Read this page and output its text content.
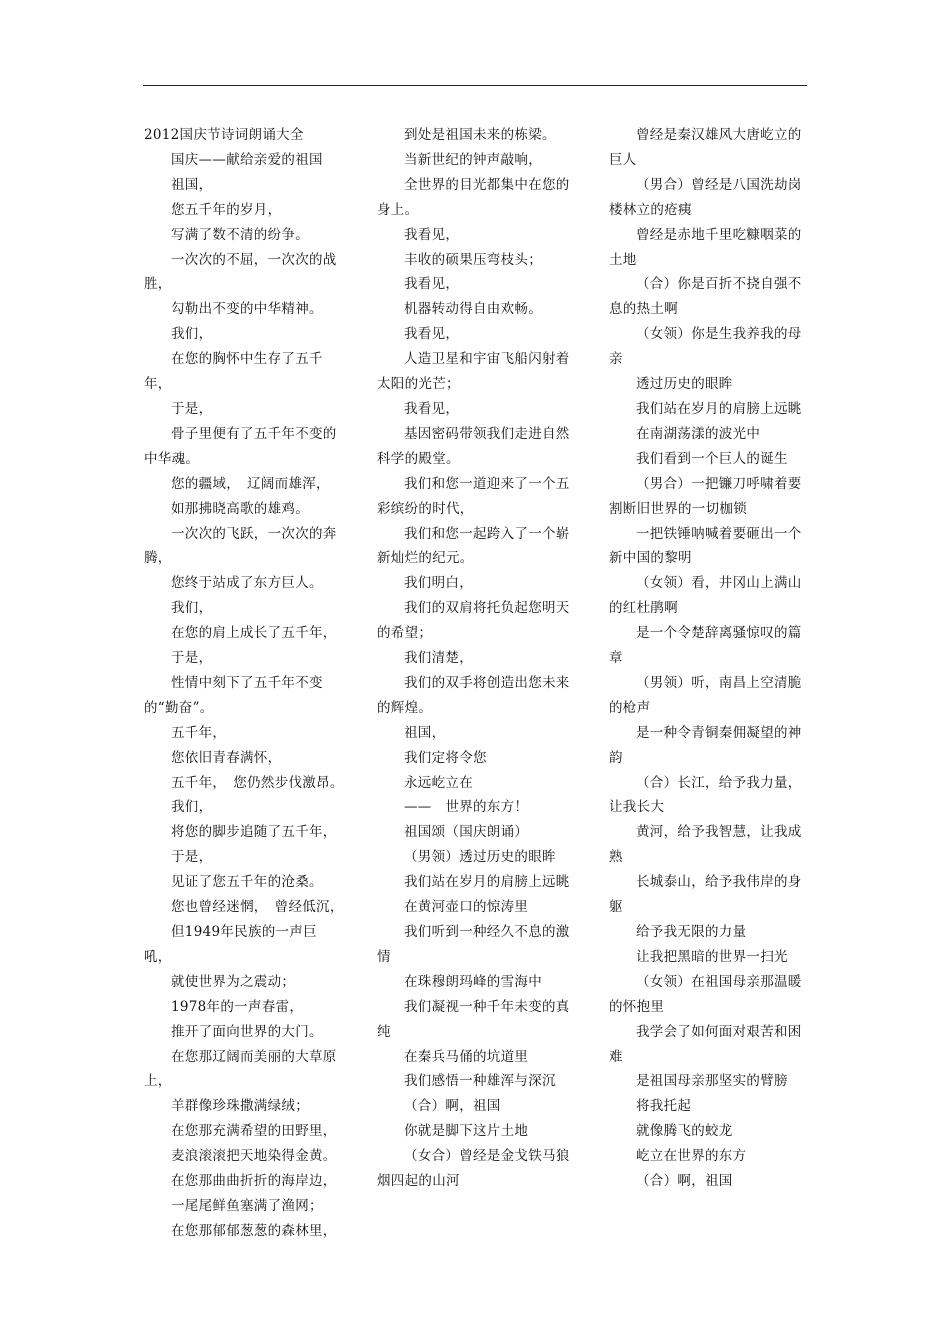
2012国庆节诗词朗诵大全

国庆——献给亲爱的祖国

祖国，

您五千年的岁月，

写满了数不清的纷争。

一次次的不屈，一次次的战胜，

勾勒出不变的中华精神。

我们，

在您的胸怀中生存了五千年，

于是，

骨子里便有了五千年不变的中华魂。

您的疆域，　辽阔而雄浑，

如那拂晓高歌的雄鸡。

一次次的飞跃，一次次的奔腾，

您终于站成了东方巨人。

我们，

在您的肩上成长了五千年，

于是，

性情中刻下了五千年不变的“勤奋”。

五千年，

您依旧青春满怀，

五千年，　您仍然步伐激昂。

我们，

将您的脚步追随了五千年，

于是，

见证了您五千年的沧桑。

您也曾经迷惘，　曾经低沉，

但1949年民族的一声巨吼，

就使世界为之震动；

1978年的一声春雷，

推开了面向世界的大门。

在您那辽阔而美丽的大草原上，

羊群像珍珠撒满绿绒；

在您那充满希望的田野里，

麦浪滚滚把天地染得金黄。

在您那曲曲折折的海岸边，

一尾尾鲜鱼塞满了渔网；

在您那郁郁葱葱的森林里，

到处是祖国未来的栋梁。

当新世纪的钟声敲响，

全世界的目光都集中在您的身上。

我看见，

丰收的硕果压弯枝头；

我看见，

机器转动得自由欢畅。

我看见，

人造卫星和宇宙飞船闪射着太阳的光芒；

我看见，

基因密码带领我们走进自然科学的殿堂。

我们和您一道迎来了一个五彩缤纷的时代，

我们和您一起跨入了一个崭新灿烂的纪元。

我们明白，

我们的双肩将托负起您明天的希望；

我们清楚，

我们的双手将创造出您未来的辉煌。

祖国，

我们定将令您

永远屹立在

——　世界的东方！

祖国颂（国庆朗诵）

（男领）透过历史的眼眸

我们站在岁月的肩膀上远眺

在黄河壶口的惊涛里

我们听到一种经久不息的激情

在珠穆朗玛峰的雪海中

我们凝视一种千年未变的真纯

在秦兵马俑的坑道里

我们感悟一种雄浑与深沉

（合）啊，祖国

你就是脚下这片土地

（女合）曾经是金戈铁马狼烟四起的山河

曾经是秦汉雄风大唐屹立的巨人

（男合）曾经是八国洗劫岗楼林立的疮痍

曾经是赤地千里吃糠咽菜的土地

（合）你是百折不挠自强不息的热土啊

（女领）你是生我养我的母亲

透过历史的眼眸

我们站在岁月的肩膀上远眺

在南湖荡漾的波光中

我们看到一个巨人的诞生

（男合）一把镰刀呼啸着要割断旧世界的一切枷锁

一把铁锤呐喊着要砸出一个新中国的黎明

（女领）看，井冈山上满山的红杜鹃啊

是一个令楚辞离骚惊叹的篇章

（男领）听，南昌上空清脆的枪声

是一种令青铜秦佣凝望的神韵

（合）长江，给予我力量，让我长大

黄河，给予我智慧，让我成熟

长城泰山，给予我伟岸的身躯

给予我无限的力量

让我把黑暗的世界一扫光

（女领）在祖国母亲那温暖的怀抱里

我学会了如何面对艰苦和困难

是祖国母亲那坚实的臂膀

将我托起

就像腾飞的蛟龙

屹立在世界的东方

（合）啊，祖国
